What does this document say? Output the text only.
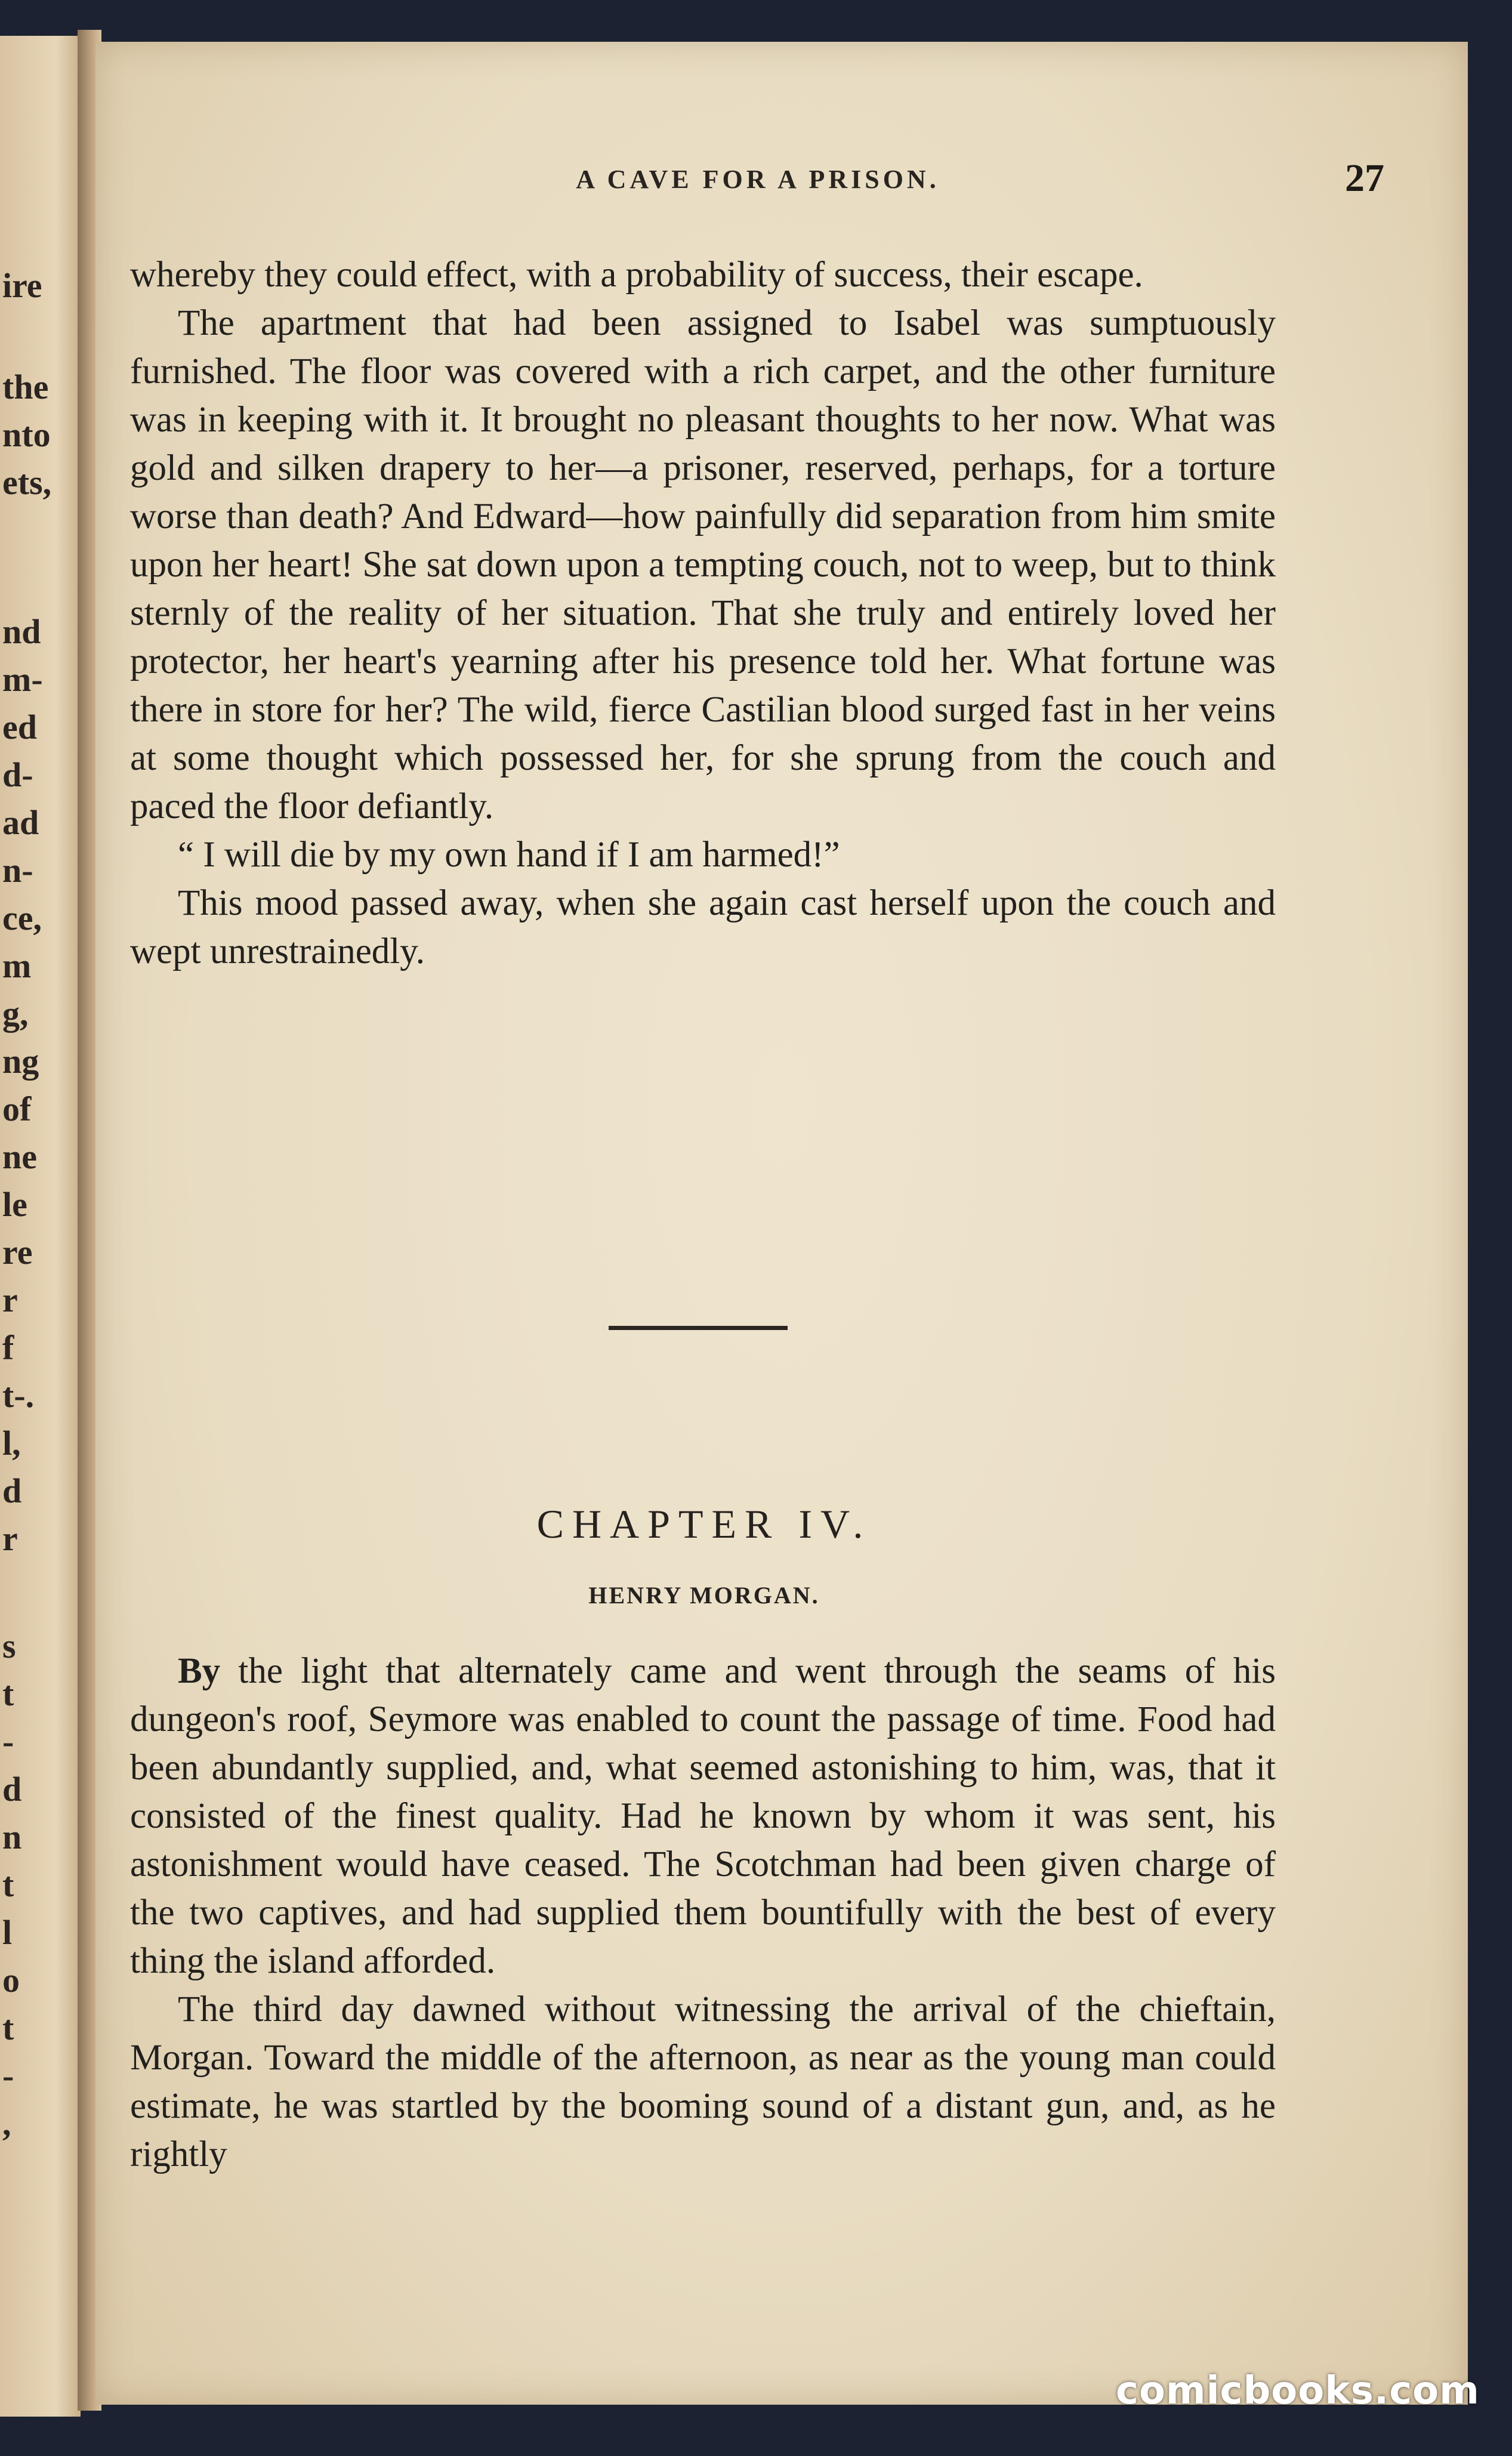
ire
the
nto
ets,
nd
m-
ed
d-
ad
n-
ce,
m
g,
ng
of
ne
le
re
r
f
t-.
l,
d
r
s
t
-
d
n
t
l
o
t
-
,
A CAVE FOR A PRISON.	27

whereby they could effect, with a probability of success, their escape.

The apartment that had been assigned to Isabel was sumptuously furnished. The floor was covered with a rich carpet, and the other furniture was in keeping with it. It brought no pleasant thoughts to her now. What was gold and silken drapery to her—a prisoner, reserved, perhaps, for a torture worse than death? And Edward—how painfully did separation from him smite upon her heart! She sat down upon a tempting couch, not to weep, but to think sternly of the reality of her situation. That she truly and entirely loved her protector, her heart's yearning after his presence told her. What fortune was there in store for her? The wild, fierce Castilian blood surged fast in her veins at some thought which possessed her, for she sprung from the couch and paced the floor defiantly.

“ I will die by my own hand if I am harmed!”

This mood passed away, when she again cast herself upon the couch and wept unrestrainedly.

CHAPTER IV.
HENRY MORGAN.

By the light that alternately came and went through the seams of his dungeon's roof, Seymore was enabled to count the passage of time. Food had been abundantly supplied, and, what seemed astonishing to him, was, that it consisted of the finest quality. Had he known by whom it was sent, his astonishment would have ceased. The Scotchman had been given charge of the two captives, and had supplied them bountifully with the best of every thing the island afforded.

The third day dawned without witnessing the arrival of the chieftain, Morgan. Toward the middle of the afternoon, as near as the young man could estimate, he was startled by the booming sound of a distant gun, and, as he rightly

comicbooks.com
